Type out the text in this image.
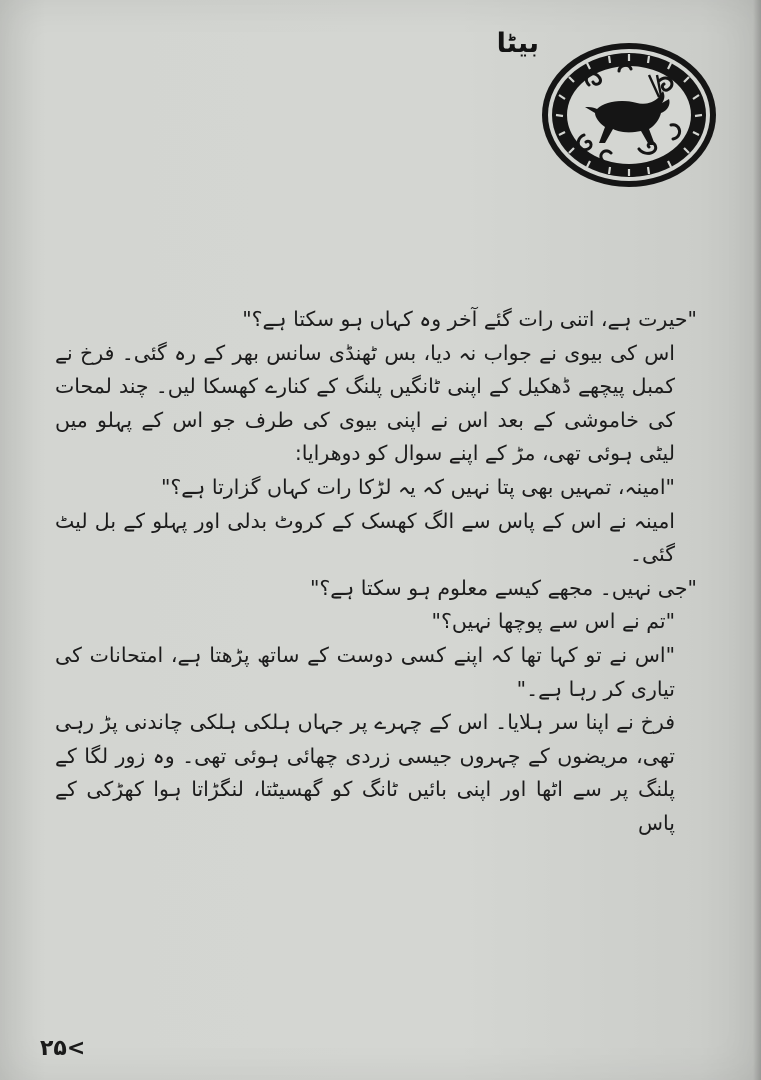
بیٹا

"حیرت ہے، اتنی رات گئے آخر وہ کہاں ہو سکتا ہے؟"

اس کی بیوی نے جواب نہ دیا، بس ٹھنڈی سانس بھر کے رہ گئی۔ فرخ نے کمبل پیچھے ڈھکیل کے اپنی ٹانگیں پلنگ کے کنارے کھسکا لیں۔ چند لمحات کی خاموشی کے بعد اس نے اپنی بیوی کی طرف جو اس کے پہلو میں لیٹی ہوئی تھی، مڑ کے اپنے سوال کو دوھرایا:

"امینہ، تمہیں بھی پتا نہیں کہ یہ لڑکا رات کہاں گزارتا ہے؟"

امینہ نے اس کے پاس سے الگ کھسک کے کروٹ بدلی اور پہلو کے بل لیٹ گئی۔

"جی نہیں۔ مجھے کیسے معلوم ہو سکتا ہے؟"

"تم نے اس سے پوچھا نہیں؟"

"اس نے تو کہا تھا کہ اپنے کسی دوست کے ساتھ پڑھتا ہے، امتحانات کی تیاری کر رہا ہے۔"

فرخ نے اپنا سر ہلایا۔ اس کے چہرے پر جہاں ہلکی ہلکی چاندنی پڑ رہی تھی، مریضوں کے چہروں جیسی زردی چھائی ہوئی تھی۔ وہ زور لگا کے پلنگ پر سے اٹھا اور اپنی بائیں ٹانگ کو گھسیٹتا، لنگڑاتا ہوا کھڑکی کے پاس

۲۵<
